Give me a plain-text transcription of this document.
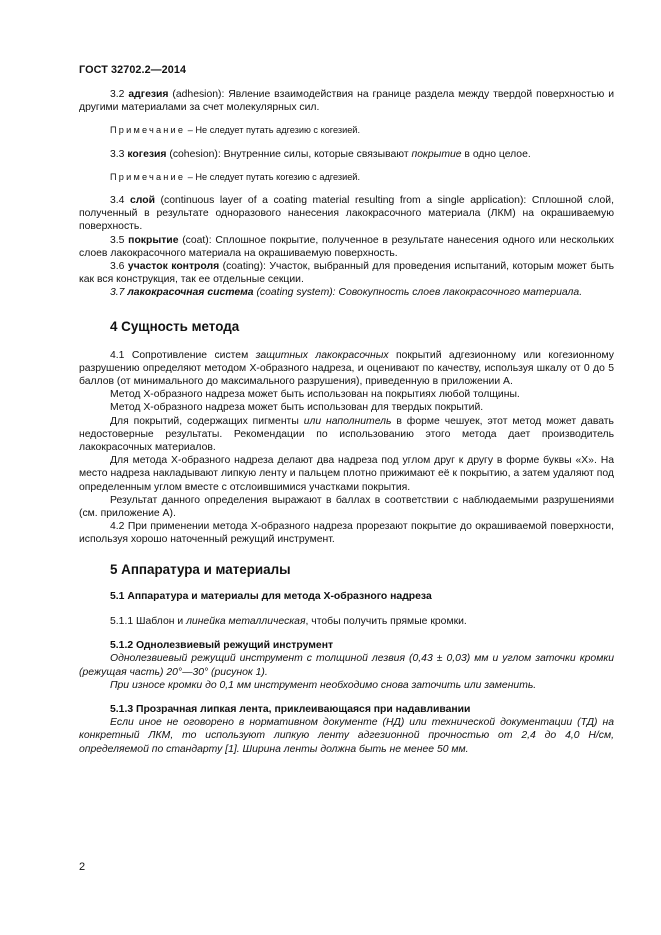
ГОСТ 32702.2—2014

3.2 адгезия (adhesion): Явление взаимодействия на границе раздела между твердой поверхностью и другими материалами за счет молекулярных сил.

Примечание – Не следует путать адгезию с когезией.

3.3 когезия (cohesion): Внутренние силы, которые связывают покрытие в одно целое.

Примечание – Не следует путать когезию с адгезией.

3.4 слой (continuous layer of a coating material resulting from a single application): Сплошной слой, полученный в результате одноразового нанесения лакокрасочного материала (ЛКМ) на окрашиваемую поверхность.

3.5 покрытие (coat): Сплошное покрытие, полученное в результате нанесения одного или нескольких слоев лакокрасочного материала на окрашиваемую поверхность.

3.6 участок контроля (coating): Участок, выбранный для проведения испытаний, которым может быть как вся конструкция, так ее отдельные секции.

3.7 лакокрасочная система (coating system): Совокупность слоев лакокрасочного материала.

4 Сущность метода

4.1 Сопротивление систем защитных лакокрасочных покрытий адгезионному или когезионному разрушению определяют методом Х-образного надреза, и оценивают по качеству, используя шкалу от 0 до 5 баллов (от минимального до максимального разрушения), приведенную в приложении А.

Метод Х-образного надреза может быть использован на покрытиях любой толщины.

Метод Х-образного надреза может быть использован для твердых покрытий.

Для покрытий, содержащих пигменты или наполнитель в форме чешуек, этот метод может давать недостоверные результаты. Рекомендации по использованию этого метода дает производитель лакокрасочных материалов.

Для метода Х-образного надреза делают два надреза под углом друг к другу в форме буквы «Х». На место надреза накладывают липкую ленту и пальцем плотно прижимают её к покрытию, а затем удаляют под определенным углом вместе с отслоившимися участками покрытия.

Результат данного определения выражают в баллах в соответствии с наблюдаемыми разрушениями (см. приложение А).

4.2 При применении метода Х-образного надреза прорезают покрытие до окрашиваемой поверхности, используя хорошо наточенный режущий инструмент.

5 Аппаратура и материалы

5.1 Аппаратура и материалы для метода Х-образного надреза

5.1.1 Шаблон и линейка металлическая, чтобы получить прямые кромки.

5.1.2 Однолезвиевый режущий инструмент

Однолезвиевый режущий инструмент с толщиной лезвия (0,43 ± 0,03) мм и углом заточки кромки (режущая часть) 20°—30° (рисунок 1).

При износе кромки до 0,1 мм инструмент необходимо снова заточить или заменить.

5.1.3 Прозрачная липкая лента, приклеивающаяся при надавливании

Если иное не оговорено в нормативном документе (НД) или технической документации (ТД) на конкретный ЛКМ, то используют липкую ленту адгезионной прочностью от 2,4 до 4,0 Н/см, определяемой по стандарту [1]. Ширина ленты должна быть не менее 50 мм.

2
